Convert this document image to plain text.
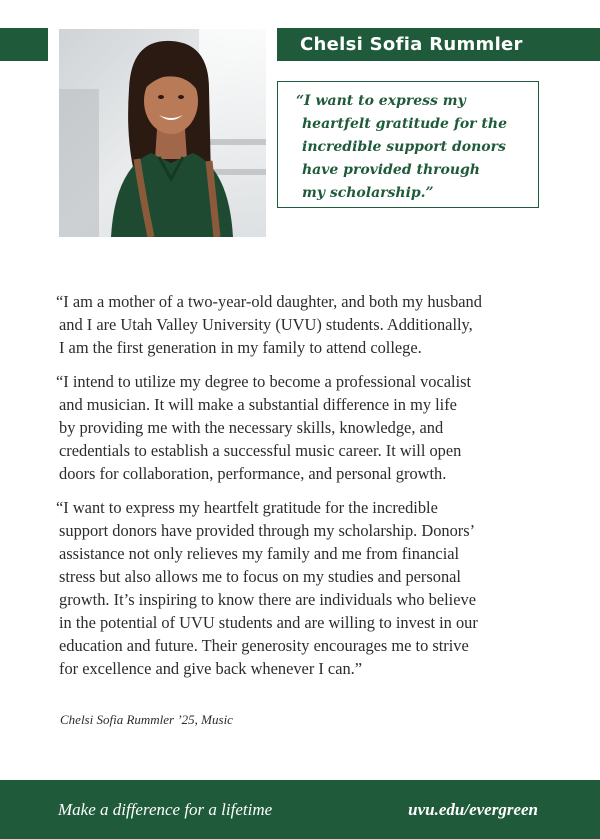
Chelsi Sofia Rummler
“I want to express my
heartfelt gratitude for the
incredible support donors
have provided through
my scholarship.”
“I am a mother of a two-year-old daughter, and both my husband
and I are Utah Valley University (UVU) students. Additionally,
I am the first generation in my family to attend college.
“I intend to utilize my degree to become a professional vocalist
and musician. It will make a substantial difference in my life
by providing me with the necessary skills, knowledge, and
credentials to establish a successful music career. It will open
doors for collaboration, performance, and personal growth.
“I want to express my heartfelt gratitude for the incredible
support donors have provided through my scholarship. Donors’
assistance not only relieves my family and me from financial
stress but also allows me to focus on my studies and personal
growth. It’s inspiring to know there are individuals who believe
in the potential of UVU students and are willing to invest in our
education and future. Their generosity encourages me to strive
for excellence and give back whenever I can.”
Chelsi Sofia Rummler ’25, Music
Make a difference for a lifetime	uvu.edu/evergreen
